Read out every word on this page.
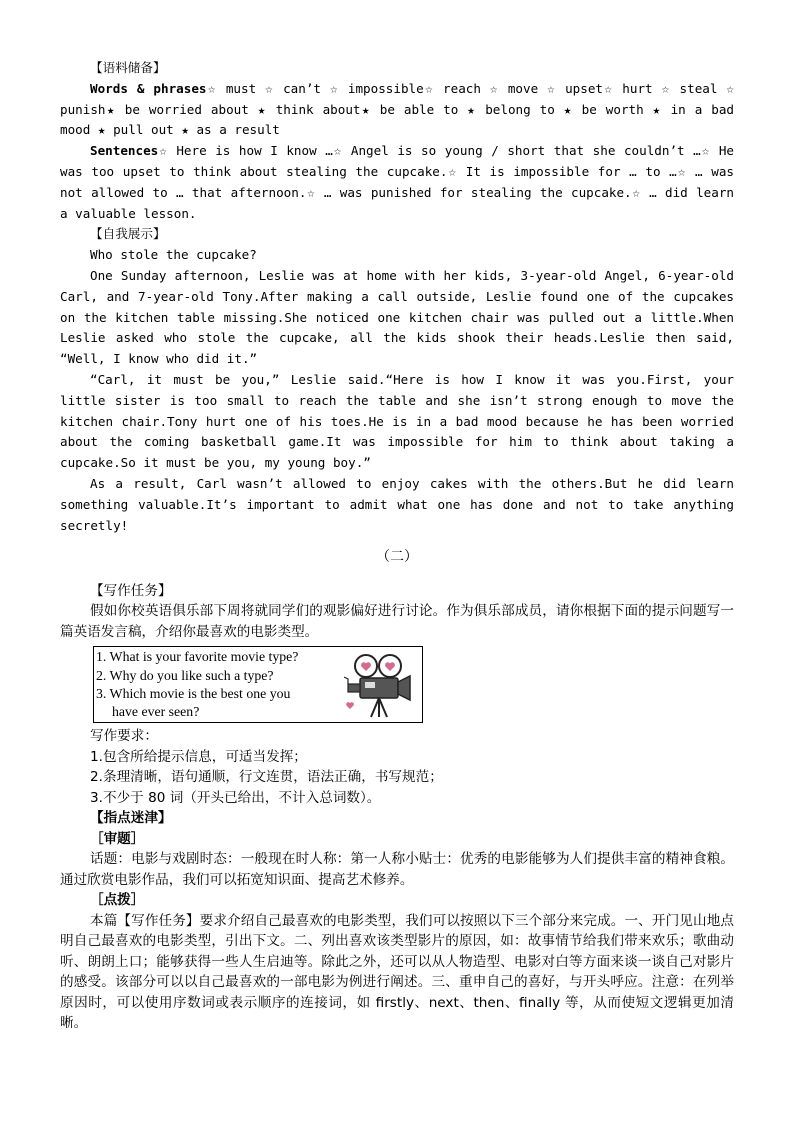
【语料储备】

Words & phrases☆ must ☆ can’t ☆ impossible☆ reach ☆ move ☆ upset☆ hurt ☆ steal ☆ punish★ be worried about ★ think about★ be able to ★ belong to ★ be worth ★ in a bad mood ★ pull out ★ as a result

Sentences☆ Here is how I know …☆ Angel is so young / short that she couldn’t …☆ He was too upset to think about stealing the cupcake.☆ It is impossible for … to …☆ … was not allowed to … that afternoon.☆ … was punished for stealing the cupcake.☆ … did learn a valuable lesson.

【自我展示】

Who stole the cupcake?

One Sunday afternoon, Leslie was at home with her kids, 3-year-old Angel, 6-year-old Carl, and 7-year-old Tony.After making a call outside, Leslie found one of the cupcakes on the kitchen table missing.She noticed one kitchen chair was pulled out a little.When Leslie asked who stole the cupcake, all the kids shook their heads.Leslie then said, “Well, I know who did it.”

“Carl, it must be you,” Leslie said.“Here is how I know it was you.First, your little sister is too small to reach the table and she isn’t strong enough to move the kitchen chair.Tony hurt one of his toes.He is in a bad mood because he has been worried about the coming basketball game.It was impossible for him to think about taking a cupcake.So it must be you, my young boy.”

As a result, Carl wasn’t allowed to enjoy cakes with the others.But he did learn something valuable.It’s important to admit what one has done and not to take anything secretly!

（二）

【写作任务】

假如你校英语俱乐部下周将就同学们的观影偏好进行讨论。作为俱乐部成员，请你根据下面的提示问题写一篇英语发言稿，介绍你最喜欢的电影类型。

1. What is your favorite movie type?
2. Why do you like such a type?
3. Which movie is the best one you
have ever seen?

写作要求：

1.包含所给提示信息，可适当发挥；

2.条理清晰，语句通顺，行文连贯，语法正确，书写规范；

3.不少于 80 词（开头已给出，不计入总词数）。

【指点迷津】

［审题］

话题：电影与戏剧时态：一般现在时人称：第一人称小贴士：优秀的电影能够为人们提供丰富的精神食粮。通过欣赏电影作品，我们可以拓宽知识面、提高艺术修养。

［点拨］

本篇【写作任务】要求介绍自己最喜欢的电影类型，我们可以按照以下三个部分来完成。一、开门见山地点明自己最喜欢的电影类型，引出下文。二、列出喜欢该类型影片的原因，如：故事情节给我们带来欢乐；歌曲动听、朗朗上口；能够获得一些人生启迪等。除此之外，还可以从人物造型、电影对白等方面来谈一谈自己对影片的感受。该部分可以以自己最喜欢的一部电影为例进行阐述。三、重申自己的喜好，与开头呼应。注意：在列举原因时，可以使用序数词或表示顺序的连接词，如 firstly、next、then、finally 等，从而使短文逻辑更加清晰。
